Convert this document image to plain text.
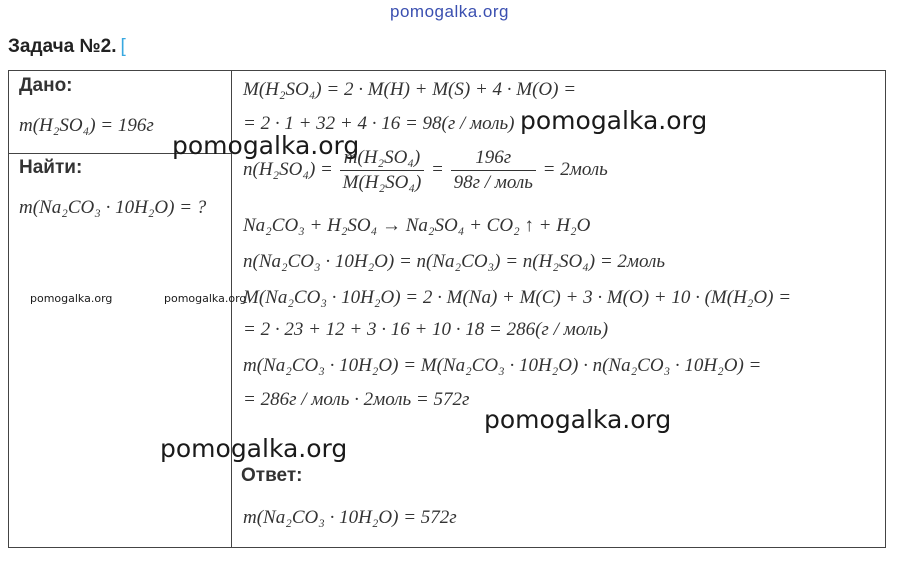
pomogalka.org
Задача №2. [
Дано:
m(H₂SO₄) = 196г
Найти:
m(Na₂CO₃ · 10H₂O) = ?
M(H₂SO₄) = 2 · M(H) + M(S) + 4 · M(O) =
= 2 · 1 + 32 + 4 · 16 = 98(г / моль)
$n(H_2SO_4) = \frac{\text{m(H₂SO₄)}}{\text{M(H₂SO₄)}} = \frac{196г}{\text{98г / моль}}$ = 2моль
Na₂CO₃ + H₂SO₄ → Na₂SO₄ + CO₂ ↑ + H₂O
n(Na₂CO₃ · 10H₂O) = n(Na₂CO₃) = n(H₂SO₄) = 2моль
M(Na₂CO₃ · 10H₂O) = 2 · M(Na) + M(C) + 3 · M(O) + 10 · (M(H₂O) =
= 2 · 23 + 12 + 3 · 16 + 10 · 18 = 286(г / моль)
m(Na₂CO₃ · 10H₂O) = M(Na₂CO₃ · 10H₂O) · n(Na₂CO₃ · 10H₂O) =
= 286г / моль · 2моль = 572г
Ответ:
m(Na₂CO₃ · 10H₂O) = 572г
pomogalka.org
pomogalka.org
pomogalka.org	pomogalka.org
pomogalka.org
pomogalka.org
